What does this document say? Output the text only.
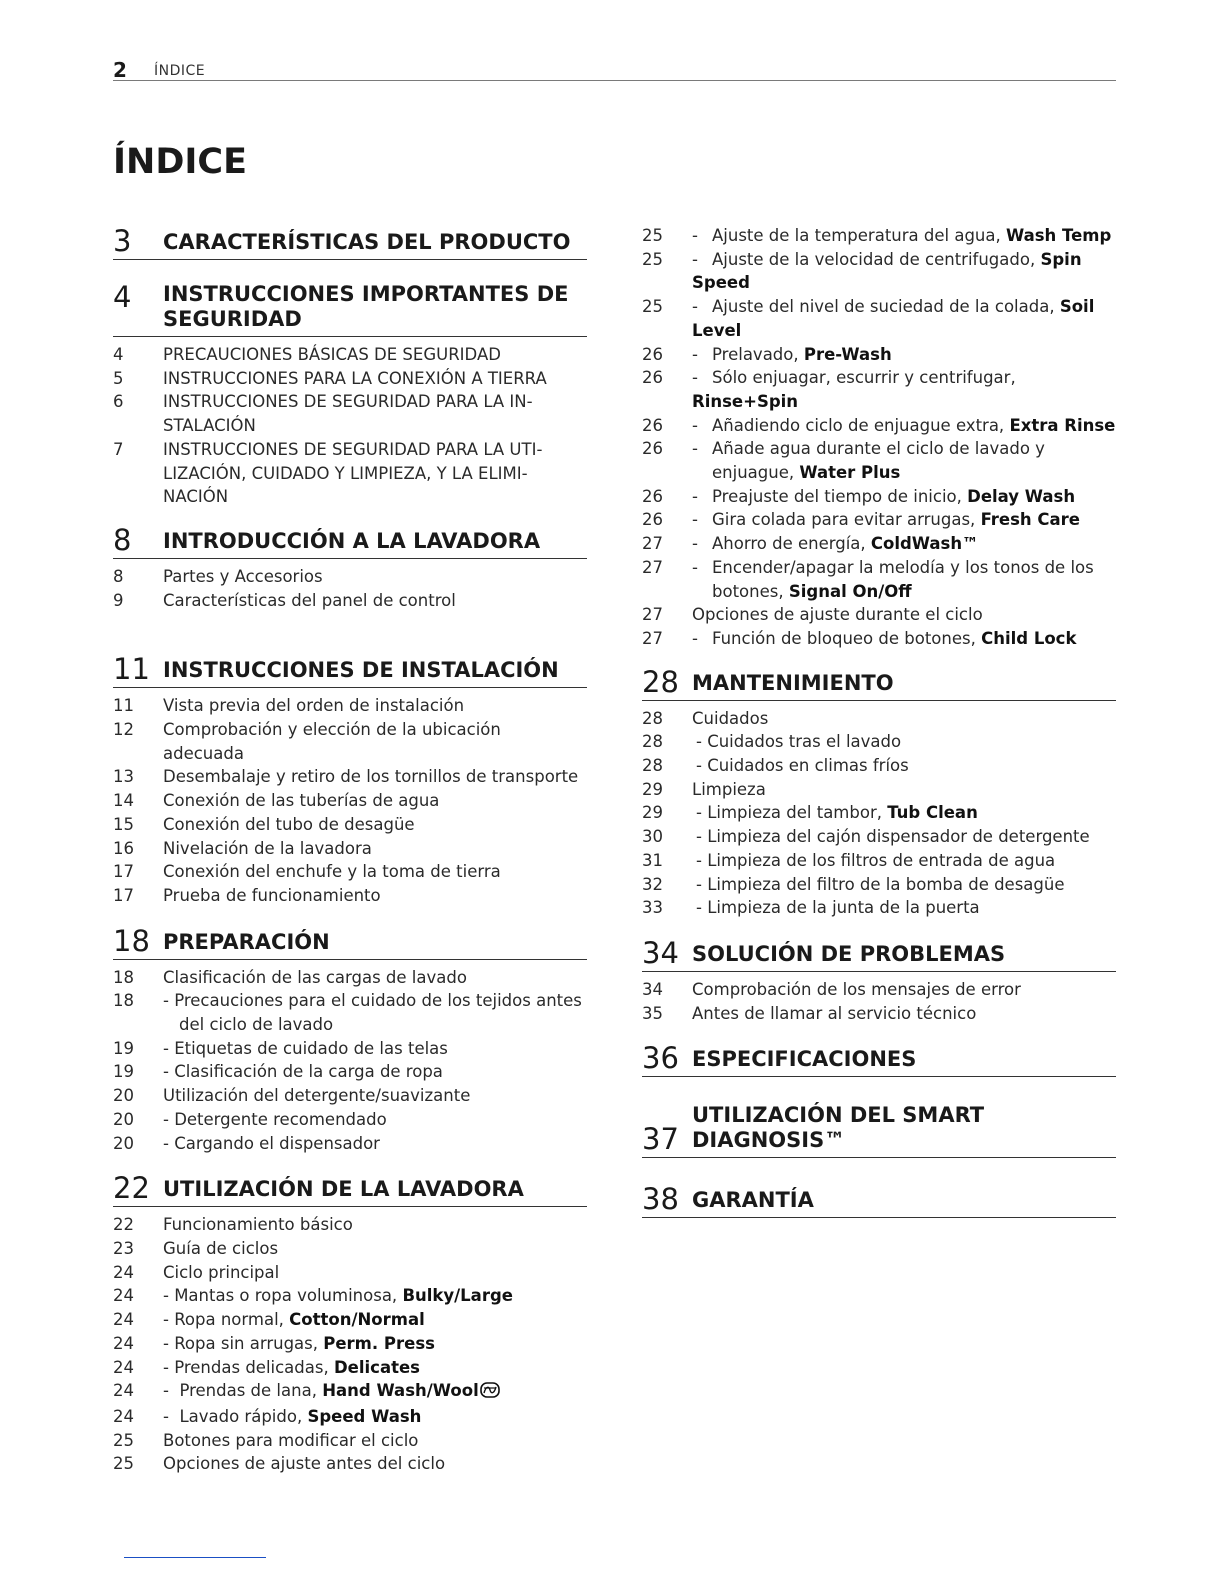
2 ÍNDICE
ÍNDICE
3	CARACTERÍSTICAS DEL PRODUCTO
4	INSTRUCCIONES IMPORTANTES DE
SEGURIDAD
4	PRECAUCIONES BÁSICAS DE SEGURIDAD
5	INSTRUCCIONES PARA LA CONEXIÓN A TIERRA
6	INSTRUCCIONES DE SEGURIDAD PARA LA IN-
STALACIÓN
7	INSTRUCCIONES DE SEGURIDAD PARA LA UTI-
LIZACIÓN, CUIDADO Y LIMPIEZA, Y LA ELIMI-
NACIÓN
8	INTRODUCCIÓN A LA LAVADORA
8	Partes y Accesorios
9	Características del panel de control
11 INSTRUCCIONES DE INSTALACIÓN
11	Vista previa del orden de instalación
12	Comprobación y elección de la ubicación adecuada
13	Desembalaje y retiro de los tornillos de transporte
14	Conexión de las tuberías de agua
15	Conexión del tubo de desagüe
16	Nivelación de la lavadora
17	Conexión del enchufe y la toma de tierra
17	Prueba de funcionamiento
18 PREPARACIÓN
18	Clasificación de las cargas de lavado
18	- Precauciones para el cuidado de los tejidos antes
del ciclo de lavado
19	- Etiquetas de cuidado de las telas
19	- Clasificación de la carga de ropa
20	Utilización del detergente/suavizante
20	- Detergente recomendado
20	- Cargando el dispensador
22 UTILIZACIÓN DE LA LAVADORA
22	Funcionamiento básico
23	Guía de ciclos
24	Ciclo principal
24	- Mantas o ropa voluminosa, Bulky/Large
24	- Ropa normal, Cotton/Normal
24	- Ropa sin arrugas, Perm. Press
24	- Prendas delicadas, Delicates
24	-  Prendas de lana, Hand Wash/Wool
24	-  Lavado rápido, Speed Wash
25	Botones para modificar el ciclo
25	Opciones de ajuste antes del ciclo
25	- Ajuste de la temperatura del agua, Wash Temp
25	- Ajuste de la velocidad de centrifugado, Spin Speed
25	- Ajuste del nivel de suciedad de la colada, Soil Level
26	- Prelavado, Pre-Wash
26	- Sólo enjuagar, escurrir y centrifugar, Rinse+Spin
26	- Añadiendo ciclo de enjuague extra, Extra Rinse
26	- Añade agua durante el ciclo de lavado y
enjuague, Water Plus
26	- Preajuste del tiempo de inicio, Delay Wash
26	- Gira colada para evitar arrugas, Fresh Care
27	- Ahorro de energía, ColdWash™
27	- Encender/apagar la melodía y los tonos de los
botones, Signal On/Off
27	Opciones de ajuste durante el ciclo
27	- Función de bloqueo de botones, Child Lock
28 MANTENIMIENTO
28	Cuidados
28	- Cuidados tras el lavado
28	- Cuidados en climas fríos
29	Limpieza
29	- Limpieza del tambor, Tub Clean
30	- Limpieza del cajón dispensador de detergente
31	- Limpieza de los filtros de entrada de agua
32	- Limpieza del filtro de la bomba de desagüe
33	- Limpieza de la junta de la puerta
34 SOLUCIÓN DE PROBLEMAS
34	Comprobación de los mensajes de error
35	Antes de llamar al servicio técnico
36 ESPECIFICACIONES
37
UTILIZACIÓN DEL SMART DIAGNOSIS™
38 GARANTÍA
